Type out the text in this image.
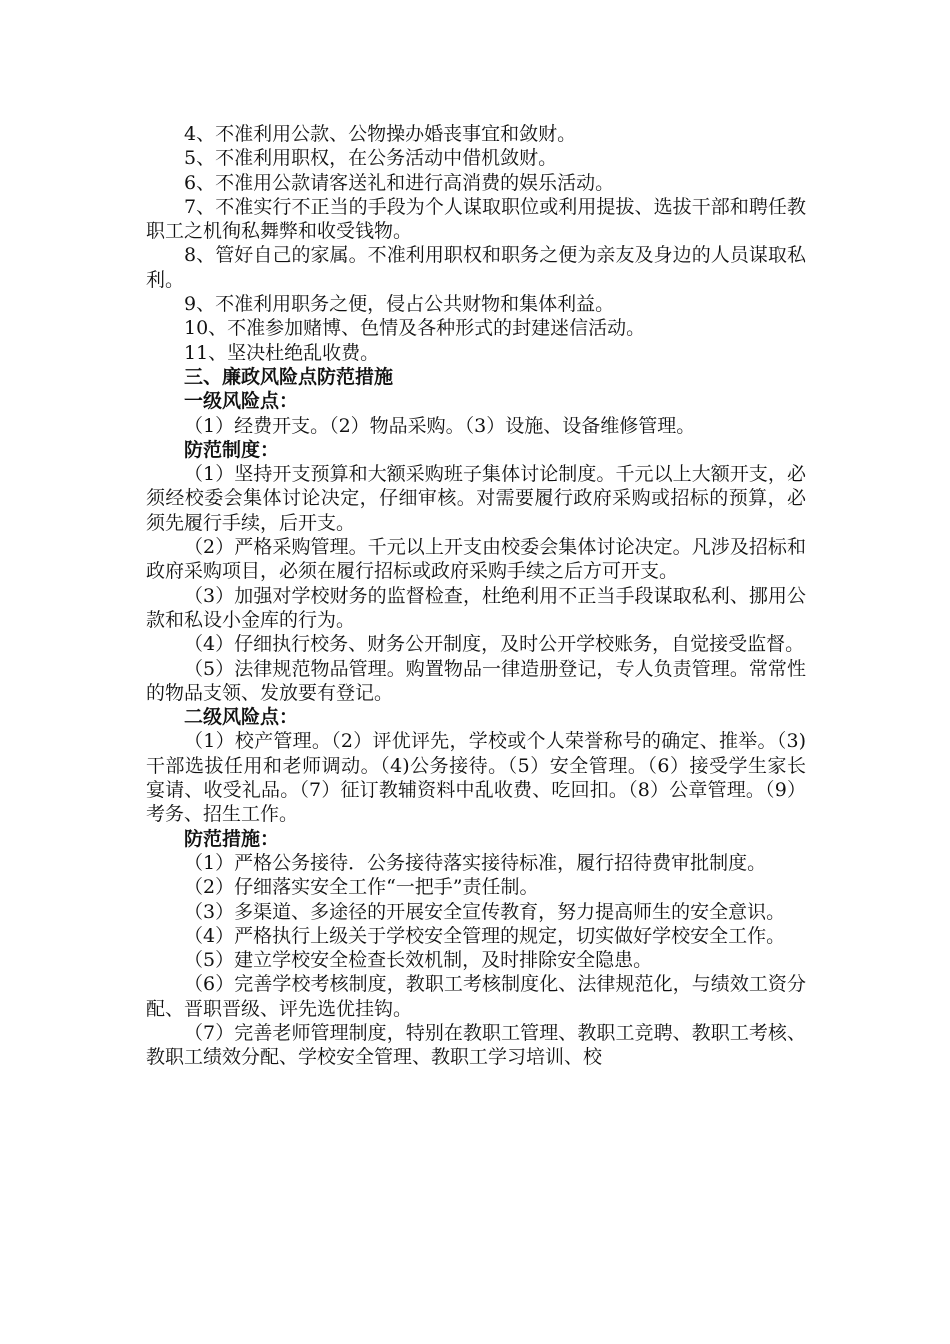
4、不准利用公款、公物操办婚丧事宜和敛财。

5、不准利用职权，在公务活动中借机敛财。

6、不准用公款请客送礼和进行高消费的娱乐活动。

7、不准实行不正当的手段为个人谋取职位或利用提拔、选拔干部和聘任教职工之机徇私舞弊和收受钱物。

8、管好自己的家属。不准利用职权和职务之便为亲友及身边的人员谋取私利。

9、不准利用职务之便，侵占公共财物和集体利益。

10、不准参加赌博、色情及各种形式的封建迷信活动。

11、坚决杜绝乱收费。

三、廉政风险点防范措施

一级风险点：

（1）经费开支。（2）物品采购。（3）设施、设备维修管理。

防范制度：

（1）坚持开支预算和大额采购班子集体讨论制度。千元以上大额开支，必须经校委会集体讨论决定，仔细审核。对需要履行政府采购或招标的预算，必须先履行手续，后开支。

（2）严格采购管理。千元以上开支由校委会集体讨论决定。凡涉及招标和政府采购项目，必须在履行招标或政府采购手续之后方可开支。

（3）加强对学校财务的监督检查，杜绝利用不正当手段谋取私利、挪用公款和私设小金库的行为。

（4）仔细执行校务、财务公开制度，及时公开学校账务，自觉接受监督。

（5）法律规范物品管理。购置物品一律造册登记，专人负责管理。常常性的物品支领、发放要有登记。

二级风险点：

（1）校产管理。（2）评优评先，学校或个人荣誉称号的确定、推举。（3)干部选拔任用和老师调动。（4)公务接待。（5）安全管理。（6）接受学生家长宴请、收受礼品。（7）征订教辅资料中乱收费、吃回扣。（8）公章管理。（9）考务、招生工作。

防范措施：

（1）严格公务接待．公务接待落实接待标准，履行招待费审批制度。

（2）仔细落实安全工作“一把手”责任制。

（3）多渠道、多途径的开展安全宣传教育，努力提高师生的安全意识。

（4）严格执行上级关于学校安全管理的规定，切实做好学校安全工作。

（5）建立学校安全检查长效机制，及时排除安全隐患。

（6）完善学校考核制度，教职工考核制度化、法律规范化，与绩效工资分配、晋职晋级、评先选优挂钩。

（7）完善老师管理制度，特别在教职工管理、教职工竞聘、教职工考核、教职工绩效分配、学校安全管理、教职工学习培训、校
